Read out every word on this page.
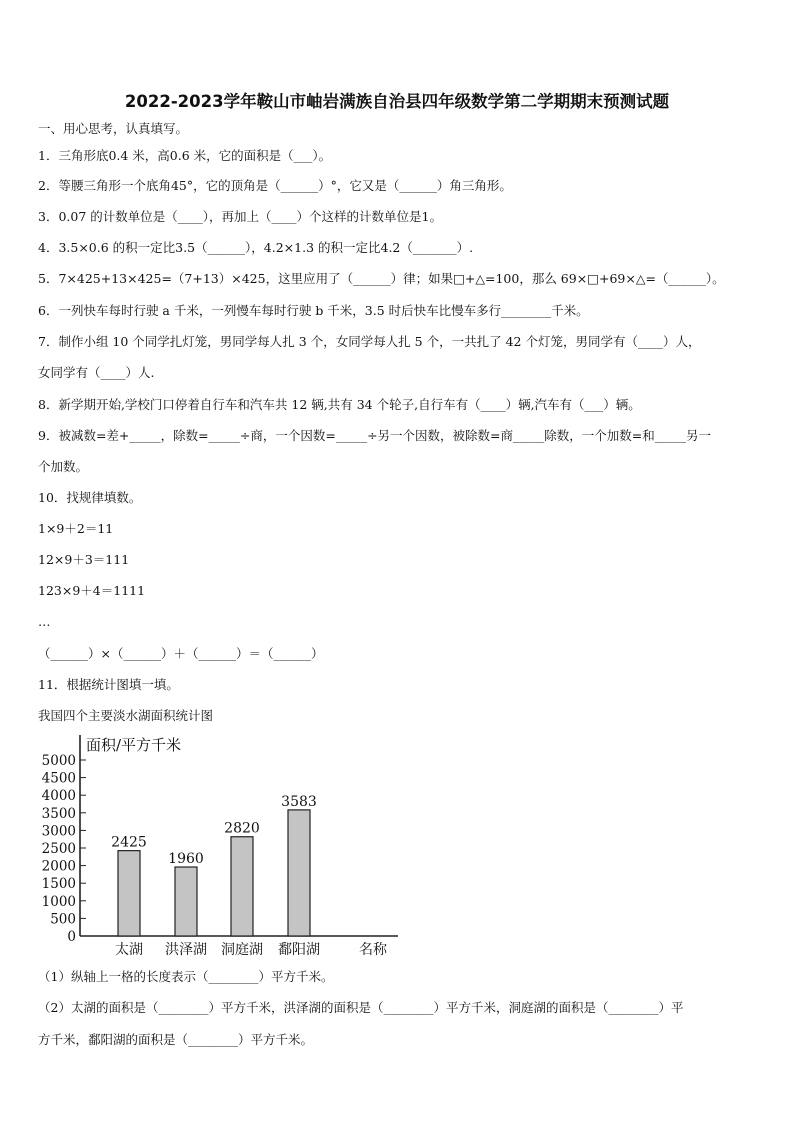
2022-2023学年鞍山市岫岩满族自治县四年级数学第二学期期末预测试题
一、用心思考，认真填写。
1．三角形底0.4 米，高0.6 米，它的面积是（___）。
2．等腰三角形一个底角45°，它的顶角是（______）°，它又是（______）角三角形。
3．0.07 的计数单位是（____），再加上（____）个这样的计数单位是1。
4．3.5×0.6 的积一定比3.5（______），4.2×1.3 的积一定比4.2（_______）.
5．7×425+13×425=（7+13）×425，这里应用了（______）律；如果□+△=100，那么 69×□+69×△=（______）。
6．一列快车每时行驶 a 千米，一列慢车每时行驶 b 千米，3.5 时后快车比慢车多行________千米。
7．制作小组 10 个同学扎灯笼，男同学每人扎 3 个，女同学每人扎 5 个，一共扎了 42 个灯笼，男同学有（____）人，
女同学有（____）人.
8．新学期开始,学校门口停着自行车和汽车共 12 辆,共有 34 个轮子,自行车有（____）辆,汽车有（___）辆。
9．被减数=差+_____，除数=_____÷商，一个因数=_____÷另一个因数，被除数=商_____除数，一个加数=和_____另一
个加数。
10．找规律填数。
1×9＋2＝11
12×9＋3＝111
123×9＋4＝1111
…
（______）×（______）＋（______）＝（______）
11．根据统计图填一填。
我国四个主要淡水湖面积统计图
面积/平方千米
0
500
1000
1500
2000
2500
3000
3500
4000
4500
5000
2425
太湖
1960
洪泽湖
2820
洞庭湖
3583
鄱阳湖	名称
（1）纵轴上一格的长度表示（________）平方千米。
（2）太湖的面积是（________）平方千米，洪泽湖的面积是（________）平方千米，洞庭湖的面积是（________）平
方千米，鄱阳湖的面积是（________）平方千米。
